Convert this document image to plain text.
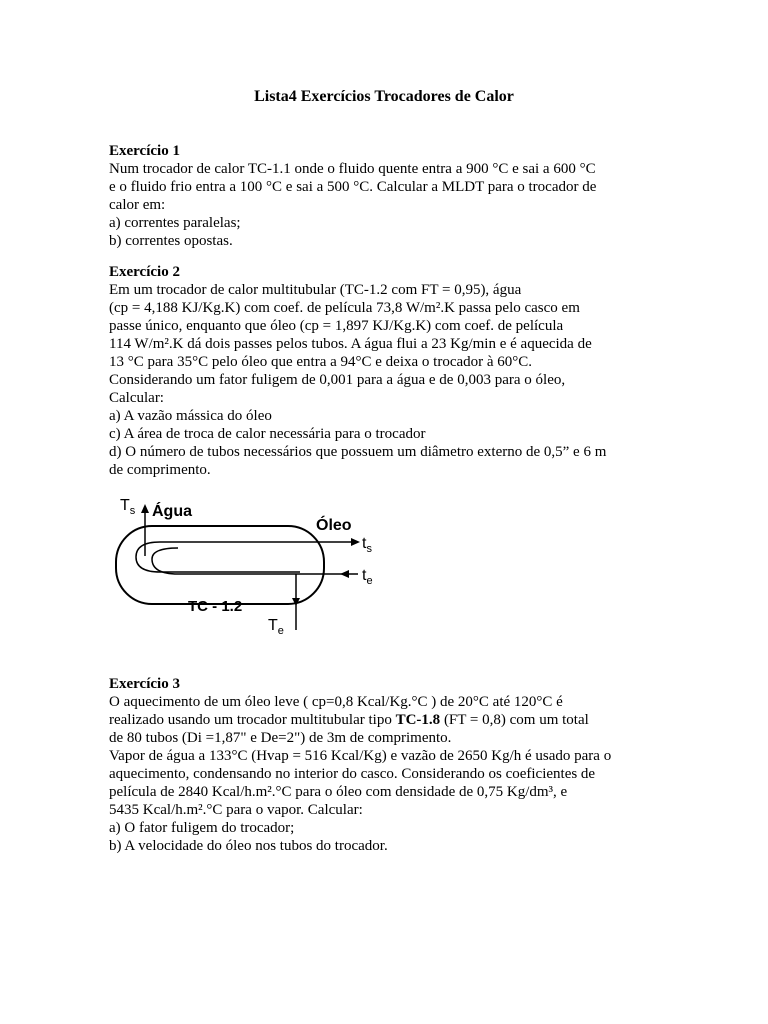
Lista4 Exercícios Trocadores de Calor
Exercício 1
Num trocador de calor TC-1.1 onde o fluido quente entra a 900 °C e sai a 600 °C
e o fluido frio entra a 100 °C e sai a 500 °C. Calcular a MLDT para o trocador de
calor em:
a) correntes paralelas;
b) correntes opostas.
Exercício 2
Em um trocador de calor multitubular (TC-1.2 com FT = 0,95), água
(cp = 4,188 KJ/Kg.K) com coef. de película 73,8 W/m².K passa pelo casco em
passe único, enquanto que óleo (cp = 1,897 KJ/Kg.K) com coef. de película
114 W/m².K dá dois passes pelos tubos. A água flui a 23 Kg/min e é aquecida de
13 °C para 35°C pelo óleo que entra a 94°C e deixa o trocador à 60°C.
Considerando um fator fuligem de 0,001 para a água e de 0,003 para o óleo,
Calcular:
a) A vazão mássica do óleo
c) A área de troca de calor necessária para o trocador
d) O número de tubos necessários que possuem um diâmetro externo de 0,5” e 6 m
de comprimento.
$T_s$ Água
Óleo
$t_s$
$t_e$
TC - 1.2
$T_e$
Exercício 3
O aquecimento de um óleo leve ( cp=0,8 Kcal/Kg.°C ) de 20°C até 120°C é
realizado usando um trocador multitubular tipo TC-1.8 (FT = 0,8) com um total
de 80 tubos (Di =1,87" e De=2") de 3m de comprimento.
Vapor de água a 133°C (Hvap = 516 Kcal/Kg) e vazão de 2650 Kg/h é usado para o
aquecimento, condensando no interior do casco. Considerando os coeficientes de
película de 2840 Kcal/h.m².°C para o óleo com densidade de 0,75 Kg/dm³, e
5435 Kcal/h.m².°C para o vapor. Calcular:
a) O fator fuligem do trocador;
b) A velocidade do óleo nos tubos do trocador.
